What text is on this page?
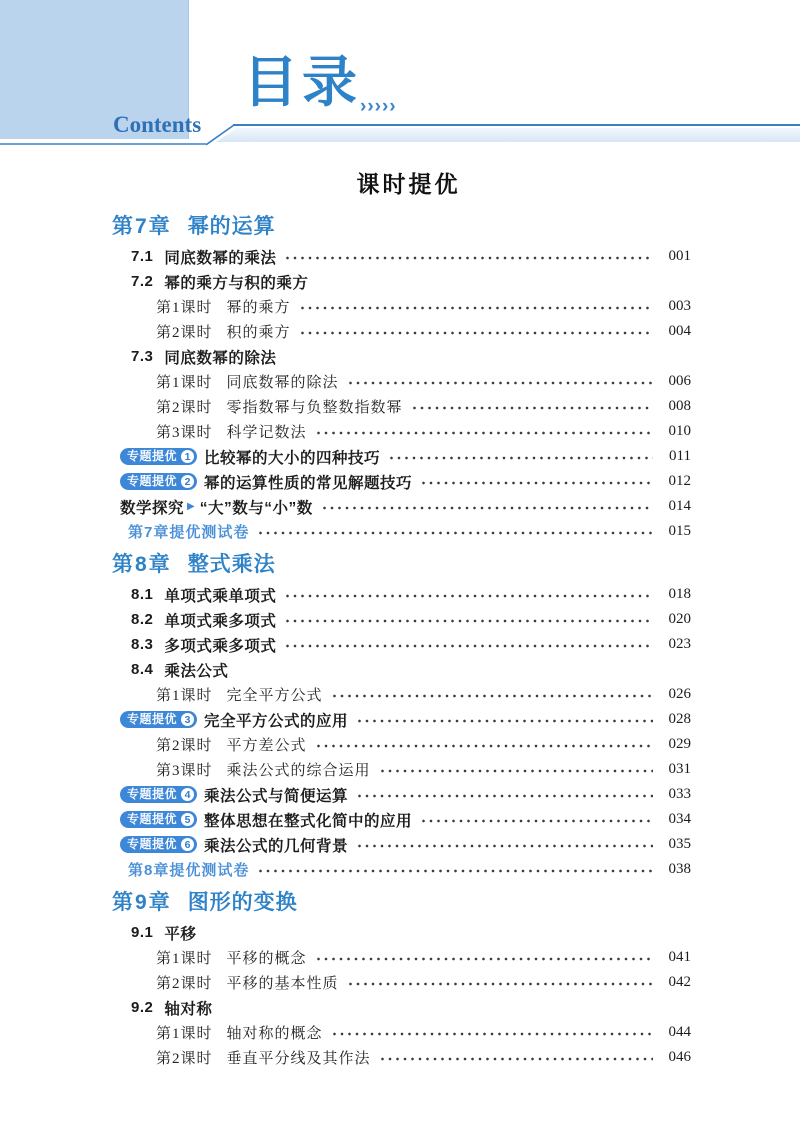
Contents
目录
›››››
课时提优
第7章 幂的运算
7.1 同底数幂的乘法	001
7.2 幂的乘方与积的乘方
第1课时 幂的乘方	003
第2课时 积的乘方	004
7.3 同底数幂的除法
第1课时 同底数幂的除法	006
第2课时 零指数幂与负整数指数幂	008
第3课时 科学记数法	010
专题提优 1 比较幂的大小的四种技巧	011
专题提优 2 幂的运算性质的常见解题技巧	012
数学探究 ▶ “大”数与“小”数	014
第7章提优测试卷	015
第8章 整式乘法
8.1 单项式乘单项式	018
8.2 单项式乘多项式	020
8.3 多项式乘多项式	023
8.4 乘法公式
第1课时 完全平方公式	026
专题提优 3 完全平方公式的应用	028
第2课时 平方差公式	029
第3课时 乘法公式的综合运用	031
专题提优 4 乘法公式与简便运算	033
专题提优 5 整体思想在整式化简中的应用	034
专题提优 6 乘法公式的几何背景	035
第8章提优测试卷	038
第9章 图形的变换
9.1 平移
第1课时 平移的概念	041
第2课时 平移的基本性质	042
9.2 轴对称
第1课时 轴对称的概念	044
第2课时 垂直平分线及其作法	046
